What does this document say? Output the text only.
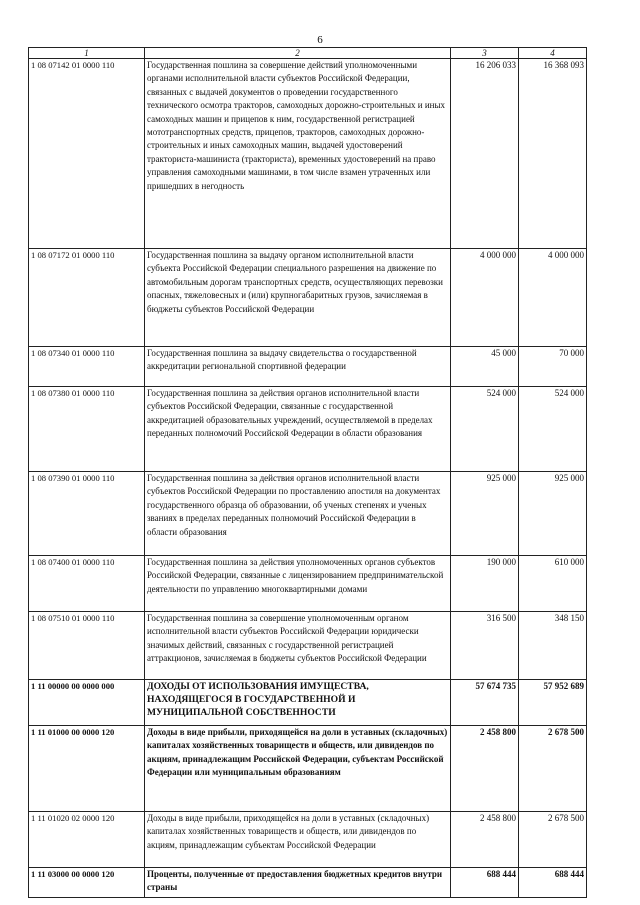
6
1	2	3	4
1 08 07142 01 0000 110	Государственная пошлина за совершение действий уполномоченными органами исполнительной власти субъектов Российской Федерации, связанных с выдачей документов о проведении государственного технического осмотра тракторов, самоходных дорожно-строительных и иных самоходных машин и прицепов к ним, государственной регистрацией мототранспортных средств, прицепов, тракторов, самоходных дорожно-строительных и иных самоходных машин, выдачей удостоверений тракториста-машиниста (тракториста), временных удостоверений на право управления самоходными машинами, в том числе взамен утраченных или пришедших в негодность	16 206 033	16 368 093
1 08 07172 01 0000 110	Государственная пошлина за выдачу органом исполнительной власти субъекта Российской Федерации специального разрешения на движение по автомобильным дорогам транспортных средств, осуществляющих перевозки опасных, тяжеловесных и (или) крупногабаритных грузов, зачисляемая в бюджеты субъектов Российской Федерации	4 000 000	4 000 000
1 08 07340 01 0000 110	Государственная пошлина за выдачу свидетельства о государственной аккредитации региональной спортивной федерации	45 000	70 000
1 08 07380 01 0000 110	Государственная пошлина за действия органов исполнительной власти субъектов Российской Федерации, связанные с государственной аккредитацией образовательных учреждений, осуществляемой в пределах переданных полномочий Российской Федерации в области образования	524 000	524 000
1 08 07390 01 0000 110	Государственная пошлина за действия органов исполнительной власти субъектов Российской Федерации по проставлению апостиля на документах государственного образца об образовании, об ученых степенях и ученых званиях в пределах переданных полномочий Российской Федерации в области образования	925 000	925 000
1 08 07400 01 0000 110	Государственная пошлина за действия уполномоченных органов субъектов Российской Федерации, связанные с лицензированием предпринимательской деятельности по управлению многоквартирными домами	190 000	610 000
1 08 07510 01 0000 110	Государственная пошлина за совершение уполномоченным органом исполнительной власти субъектов Российской Федерации юридически значимых действий, связанных с государственной регистрацией аттракционов, зачисляемая в бюджеты субъектов Российской Федерации	316 500	348 150
1 11 00000 00 0000 000	ДОХОДЫ ОТ ИСПОЛЬЗОВАНИЯ ИМУЩЕСТВА, НАХОДЯЩЕГОСЯ В ГОСУДАРСТВЕННОЙ И МУНИЦИПАЛЬНОЙ СОБСТВЕННОСТИ	57 674 735	57 952 689
1 11 01000 00 0000 120	Доходы в виде прибыли, приходящейся на доли в уставных (складочных) капиталах хозяйственных товариществ и обществ, или дивидендов по акциям, принадлежащим Российской Федерации, субъектам Российской Федерации или муниципальным образованиям	2 458 800	2 678 500
1 11 01020 02 0000 120	Доходы в виде прибыли, приходящейся на доли в уставных (складочных) капиталах хозяйственных товариществ и обществ, или дивидендов по акциям, принадлежащим субъектам Российской Федерации	2 458 800	2 678 500
1 11 03000 00 0000 120	Проценты, полученные от предоставления бюджетных кредитов внутри страны	688 444	688 444
